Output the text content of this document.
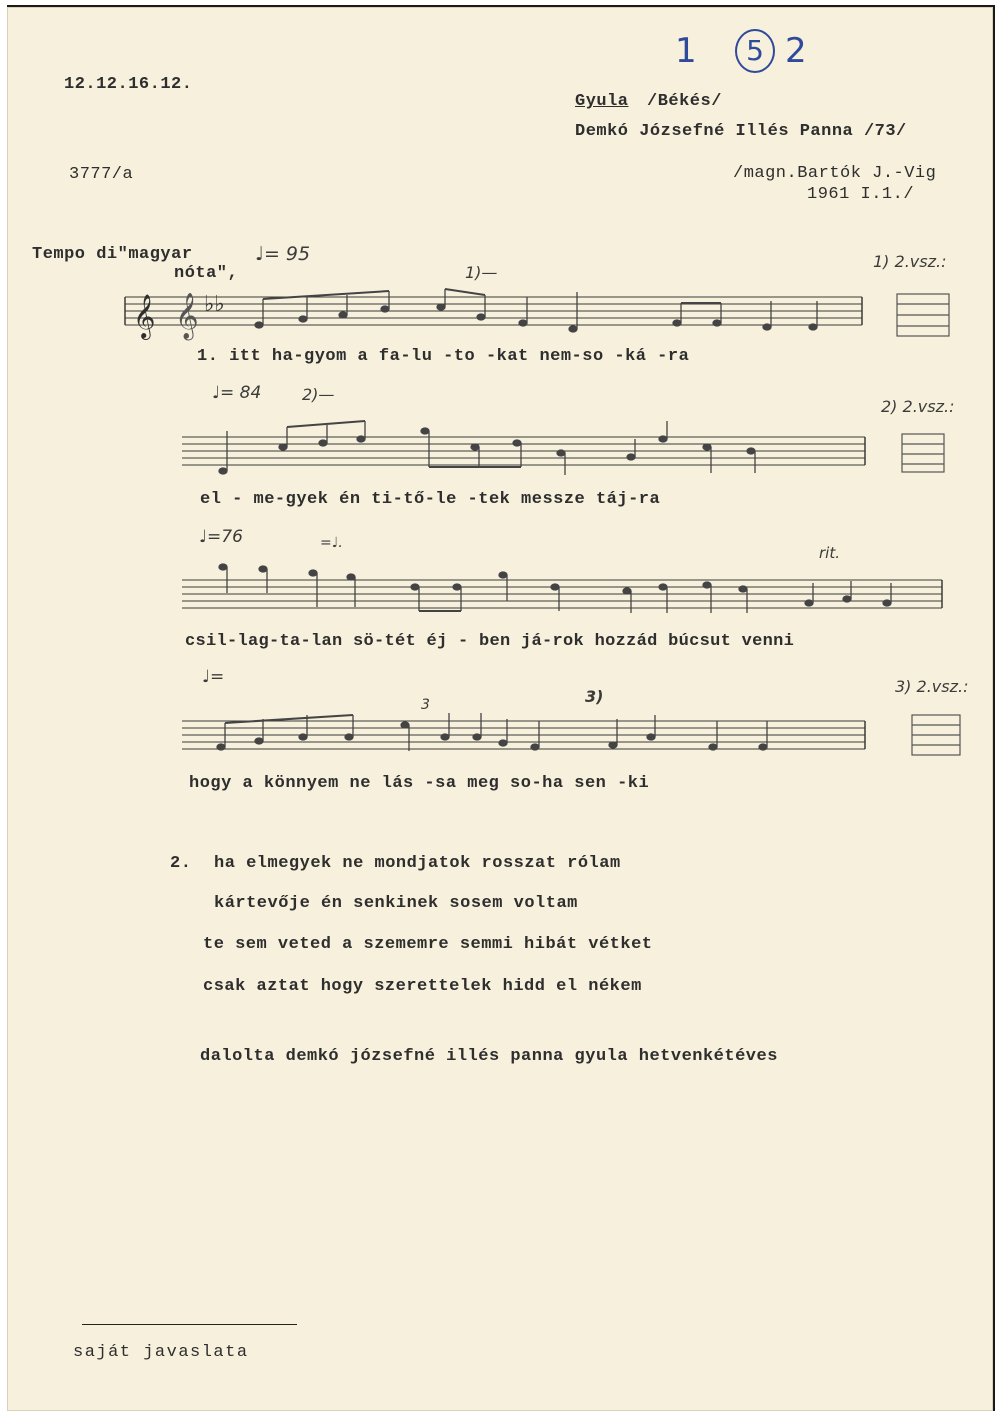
12.12.16.12.
3777/a
1	5 2
Gyula /Békés/
Demkó Józsefné Illés Panna /73/
/magn.Bartók J.-Vig
1961 I.1./
Tempo di"magyar
nóta",
♩= 95
♩= 84
♩=76
♩=
1)—
2)—
3)
rit.
3
=♩.
1) 2.vsz.:
2) 2.vsz.:
3) 2.vsz.:
𝄞 𝄞 ♭♭
1. itt ha-gyom a fa-lu -to -kat nem-so -ká -ra
el - me-gyek én ti-tő-le -tek messze táj-ra
csil-lag-ta-lan sö-tét éj - ben já-rok hozzád búcsut venni
hogy a könnyem ne lás -sa meg so-ha sen -ki
2. ha elmegyek ne mondjatok rosszat rólam
kártevője én senkinek sosem voltam
te sem veted a szememre semmi hibát vétket
csak aztat hogy szerettelek hidd el nékem
dalolta demkó józsefné illés panna gyula hetvenkétéves
saját javaslata
